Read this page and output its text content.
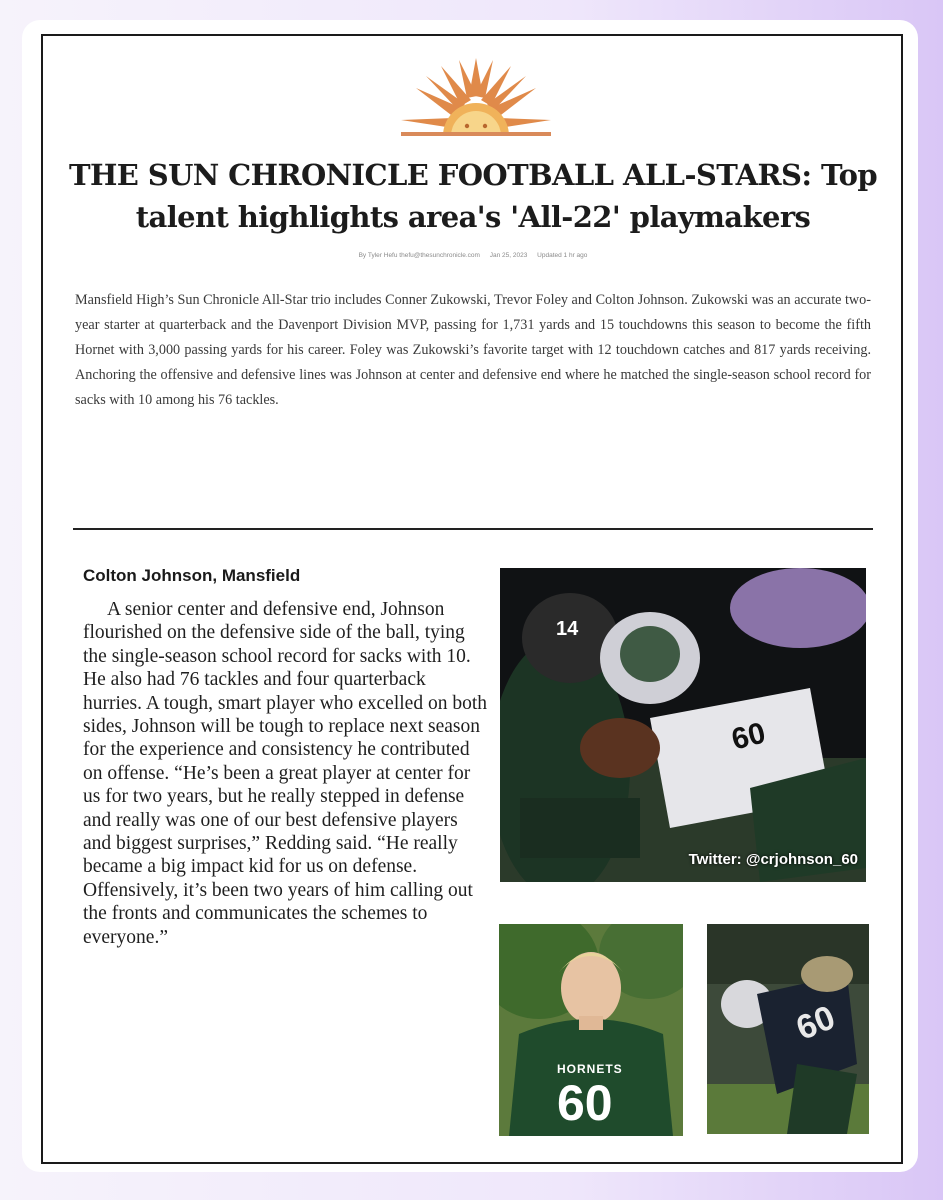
THE SUN CHRONICLE FOOTBALL ALL-STARS: Top talent highlights area's 'All-22' playmakers
By Tyler Hefu thefu@thesunchronicle.com Jan 25, 2023 Updated 1 hr ago

Mansfield High’s Sun Chronicle All-Star trio includes Conner Zukowski, Trevor Foley and Colton Johnson. Zukowski was an accurate two-year starter at quarterback and the Davenport Division MVP, passing for 1,731 yards and 15 touchdowns this season to become the fifth Hornet with 3,000 passing yards for his career. Foley was Zukowski’s favorite target with 12 touchdown catches and 817 yards receiving. Anchoring the offensive and defensive lines was Johnson at center and defensive end where he matched the single-season school record for sacks with 10 among his 76 tackles.

Colton Johnson, Mansfield

A senior center and defensive end, Johnson flourished on the defensive side of the ball, tying the single-season school record for sacks with 10. He also had 76 tackles and four quarterback hurries. A tough, smart player who excelled on both sides, Johnson will be tough to replace next season for the experience and consistency he contributed on offense. “He’s been a great player at center for us for two years, but he really stepped in defense and really was one of our best defensive players and biggest surprises,” Redding said. “He really became a big impact kid for us on defense. Offensively, it’s been two years of him calling out the fronts and communicates the schemes to everyone.”

14
60
Twitter: @crjohnson_60
HORNETS
60
60
